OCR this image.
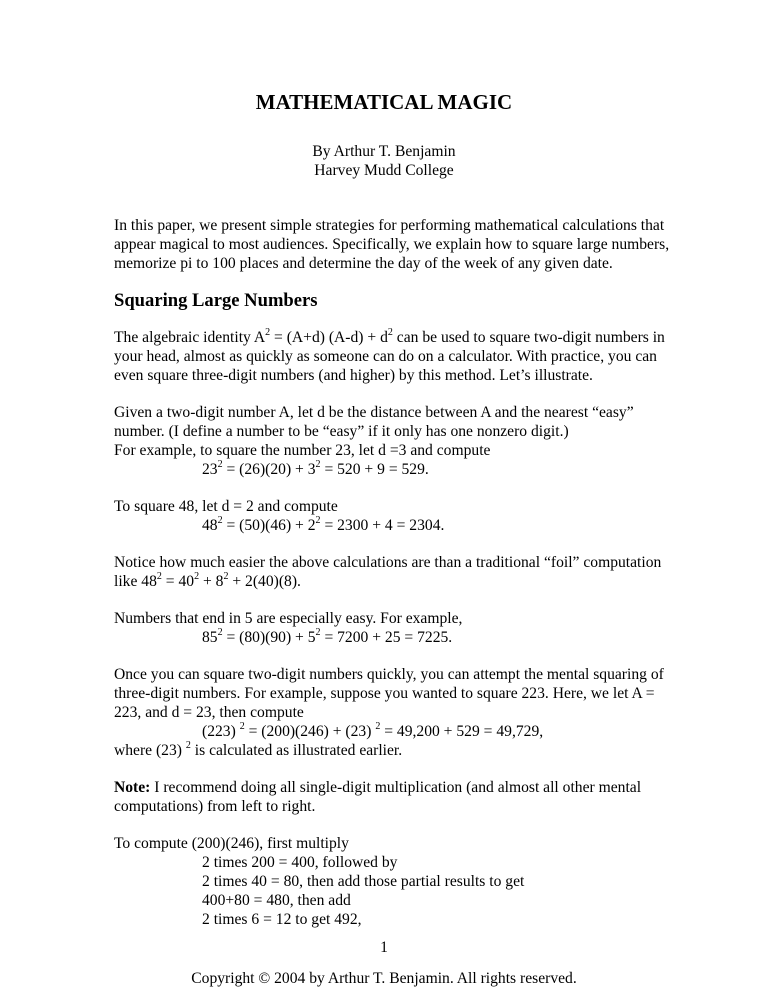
MATHEMATICAL MAGIC
By Arthur T. Benjamin
Harvey Mudd College
In this paper, we present simple strategies for performing mathematical calculations that
appear magical to most audiences. Specifically, we explain how to square large numbers,
memorize pi to 100 places and determine the day of the week of any given date.
Squaring Large Numbers
The algebraic identity $A^2 = (A+d) (A-d) + d^2$ can be used to square two-digit numbers in
your head, almost as quickly as someone can do on a calculator. With practice, you can
even square three-digit numbers (and higher) by this method. Let’s illustrate.
Given a two-digit number A, let d be the distance between A and the nearest “easy”
number. (I define a number to be “easy” if it only has one nonzero digit.)
For example, to square the number 23, let d =3 and compute
$23^2 = (26)(20) + 3^2 = 520 + 9 = 529$.
To square 48, let d = 2 and compute
$48^2 = (50)(46) + 2^2 = 2300 + 4 = 2304$.
Notice how much easier the above calculations are than a traditional “foil” computation
like $48^2 = 40^2 + 8^2 + 2(40)(8)$.
Numbers that end in 5 are especially easy. For example,
$85^2 = (80)(90) + 5^2 = 7200 + 25 = 7225$.
Once you can square two-digit numbers quickly, you can attempt the mental squaring of
three-digit numbers. For example, suppose you wanted to square 223. Here, we let A =
223, and d = 23, then compute
(223) $^2$ = (200)(246) + (23) $^2$ = 49,200 + 529 = 49,729,
where (23) $^2$ is calculated as illustrated earlier.
Note: I recommend doing all single-digit multiplication (and almost all other mental
computations) from left to right.
To compute (200)(246), first multiply
2 times 200 = 400, followed by
2 times 40 = 80, then add those partial results to get
400+80 = 480, then add
2 times 6 = 12 to get 492,
1
Copyright © 2004 by Arthur T. Benjamin. All rights reserved.
